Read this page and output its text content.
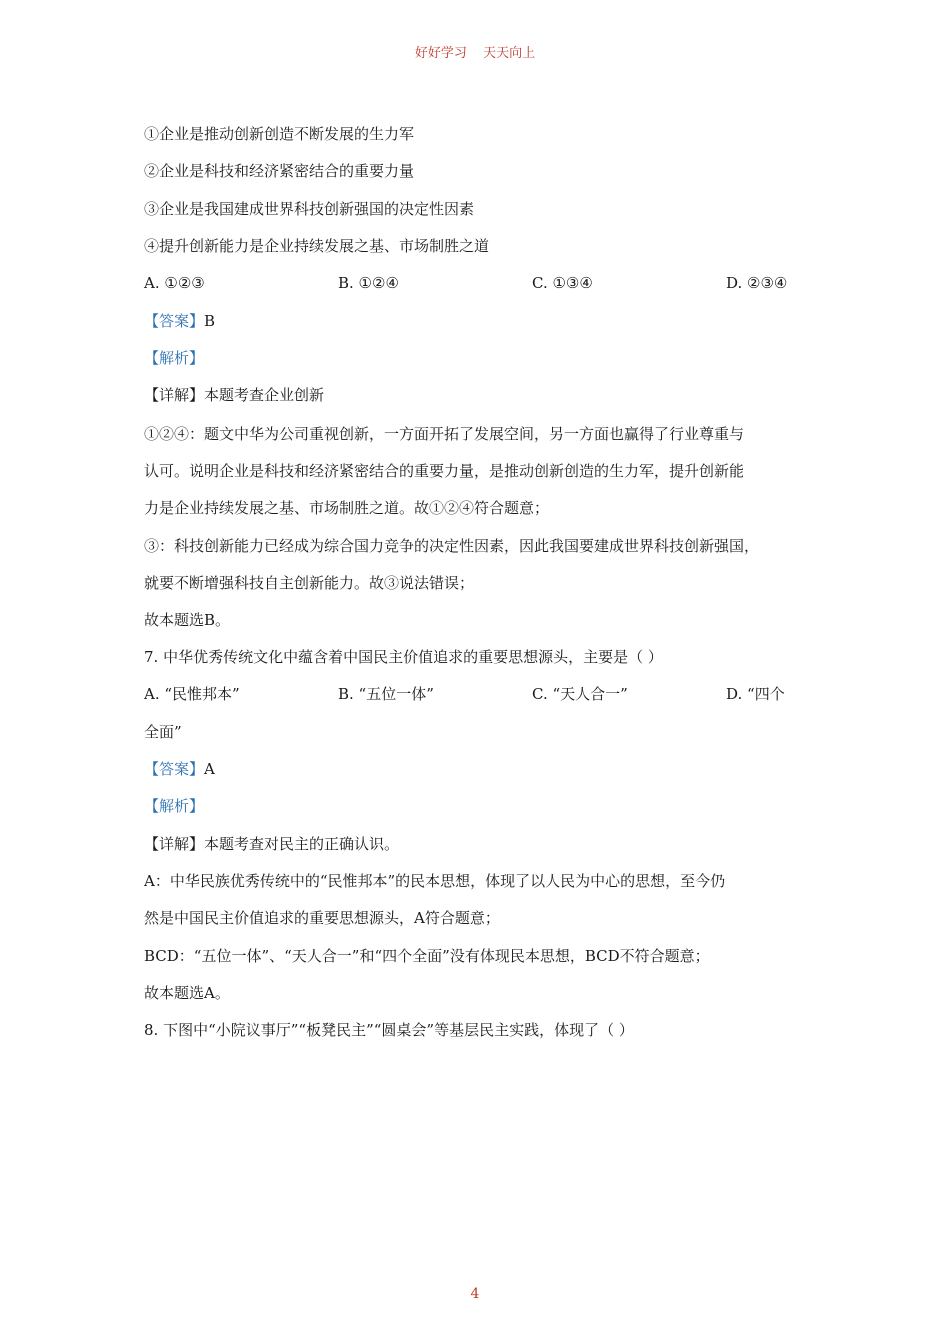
好好学习 天天向上
①企业是推动创新创造不断发展的生力军
②企业是科技和经济紧密结合的重要力量
③企业是我国建成世界科技创新强国的决定性因素
④提升创新能力是企业持续发展之基、市场制胜之道
A. ①②③	B. ①②④	C. ①③④	D. ②③④
【答案】B
【解析】
【详解】本题考查企业创新
①②④：题文中华为公司重视创新，一方面开拓了发展空间，另一方面也赢得了行业尊重与
认可。说明企业是科技和经济紧密结合的重要力量，是推动创新创造的生力军，提升创新能
力是企业持续发展之基、市场制胜之道。故①②④符合题意；
③：科技创新能力已经成为综合国力竞争的决定性因素，因此我国要建成世界科技创新强国，
就要不断增强科技自主创新能力。故③说法错误；
故本题选B。
7. 中华优秀传统文化中蕴含着中国民主价值追求的重要思想源头，主要是（ ）
A. “民惟邦本”	B. “五位一体”	C. “天人合一”	D. “四个
全面”
【答案】A
【解析】
【详解】本题考查对民主的正确认识。
A：中华民族优秀传统中的“民惟邦本”的民本思想，体现了以人民为中心的思想，至今仍
然是中国民主价值追求的重要思想源头，A符合题意；
BCD：“五位一体”、“天人合一”和“四个全面”没有体现民本思想，BCD不符合题意；
故本题选A。
8. 下图中“小院议事厅”“板凳民主”“圆桌会”等基层民主实践，体现了（ ）
4
